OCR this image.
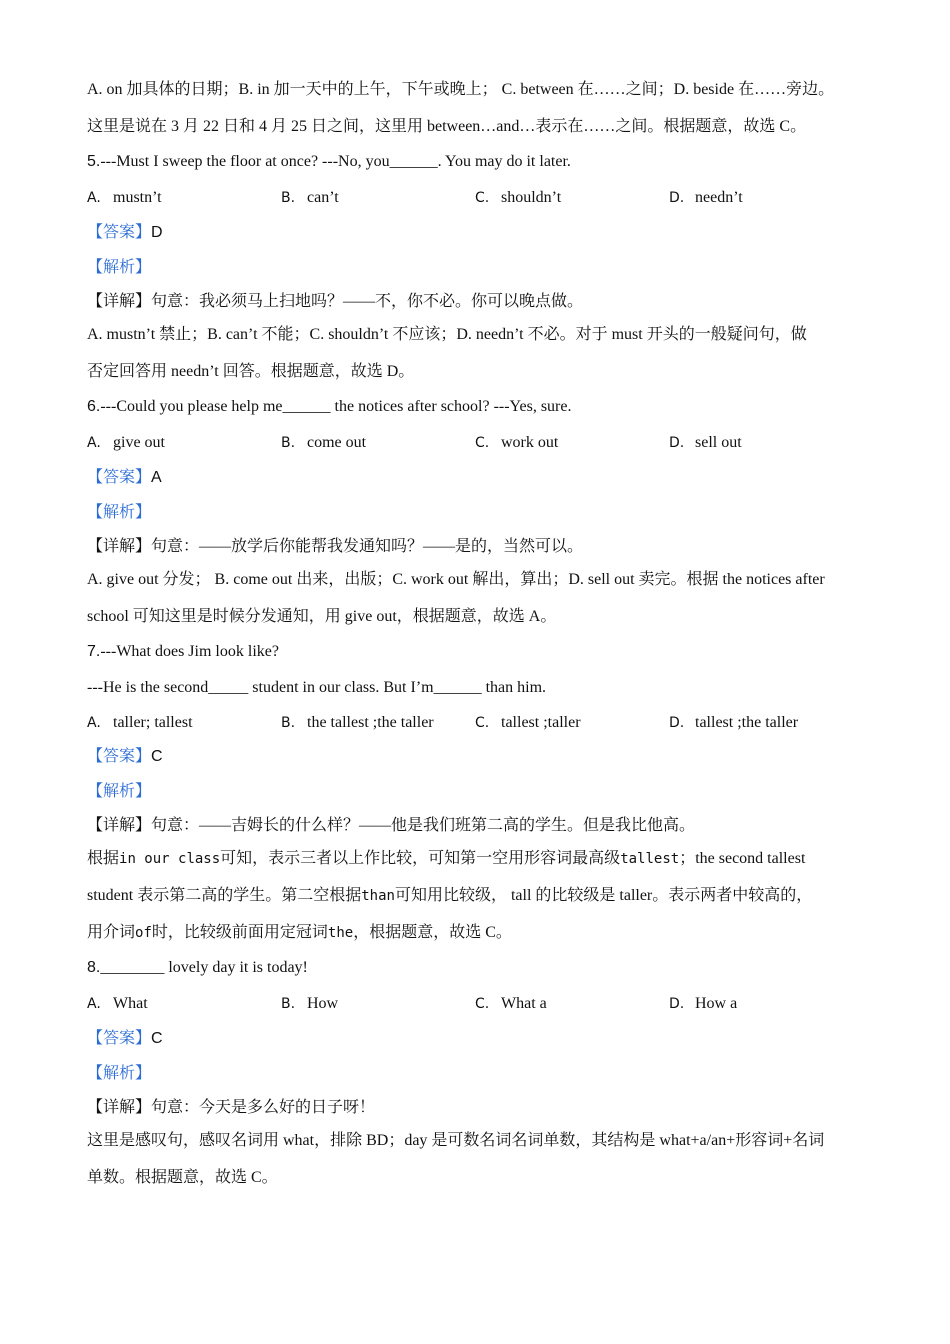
A. on 加具体的日期；B. in 加一天中的上午，下午或晚上； C. between 在……之间；D. beside 在……旁边。
这里是说在 3 月 22 日和 4 月 25 日之间，这里用 between…and…表示在……之间。根据题意，故选 C。
5.---Must I sweep the floor at once? ---No, you______. You may do it later.
A. mustn’t	B. can’t	C. shouldn’t	D. needn’t
【答案】D
【解析】
【详解】句意：我必须马上扫地吗？——不，你不必。你可以晚点做。
A. mustn’t 禁止；B. can’t 不能；C. shouldn’t 不应该；D. needn’t 不必。对于 must 开头的一般疑问句，做
否定回答用 needn’t 回答。根据题意，故选 D。
6.---Could you please help me______ the notices after school? ---Yes, sure.
A. give out	B. come out	C. work out	D. sell out
【答案】A
【解析】
【详解】句意：——放学后你能帮我发通知吗？——是的，当然可以。
A. give out 分发； B. come out 出来，出版；C. work out 解出，算出；D. sell out 卖完。根据 the notices after
school 可知这里是时候分发通知，用 give out，根据题意，故选 A。
7.---What does Jim look like?
---He is the second_____ student in our class. But I’m______ than him.
A. taller; tallest	B. the tallest ;the taller	C. tallest ;taller	D. tallest ;the taller
【答案】C
【解析】
【详解】句意：——吉姆长的什么样？——他是我们班第二高的学生。但是我比他高。
根据in our class可知，表示三者以上作比较，可知第一空用形容词最高级tallest；the second tallest
student 表示第二高的学生。第二空根据than可知用比较级， tall 的比较级是 taller。表示两者中较高的，
用介词of时，比较级前面用定冠词the，根据题意，故选 C。
8.________ lovely day it is today!
A. What	B. How	C. What a	D. How a
【答案】C
【解析】
【详解】句意：今天是多么好的日子呀！
这里是感叹句，感叹名词用 what，排除 BD；day 是可数名词名词单数，其结构是 what+a/an+形容词+名词
单数。根据题意，故选 C。
